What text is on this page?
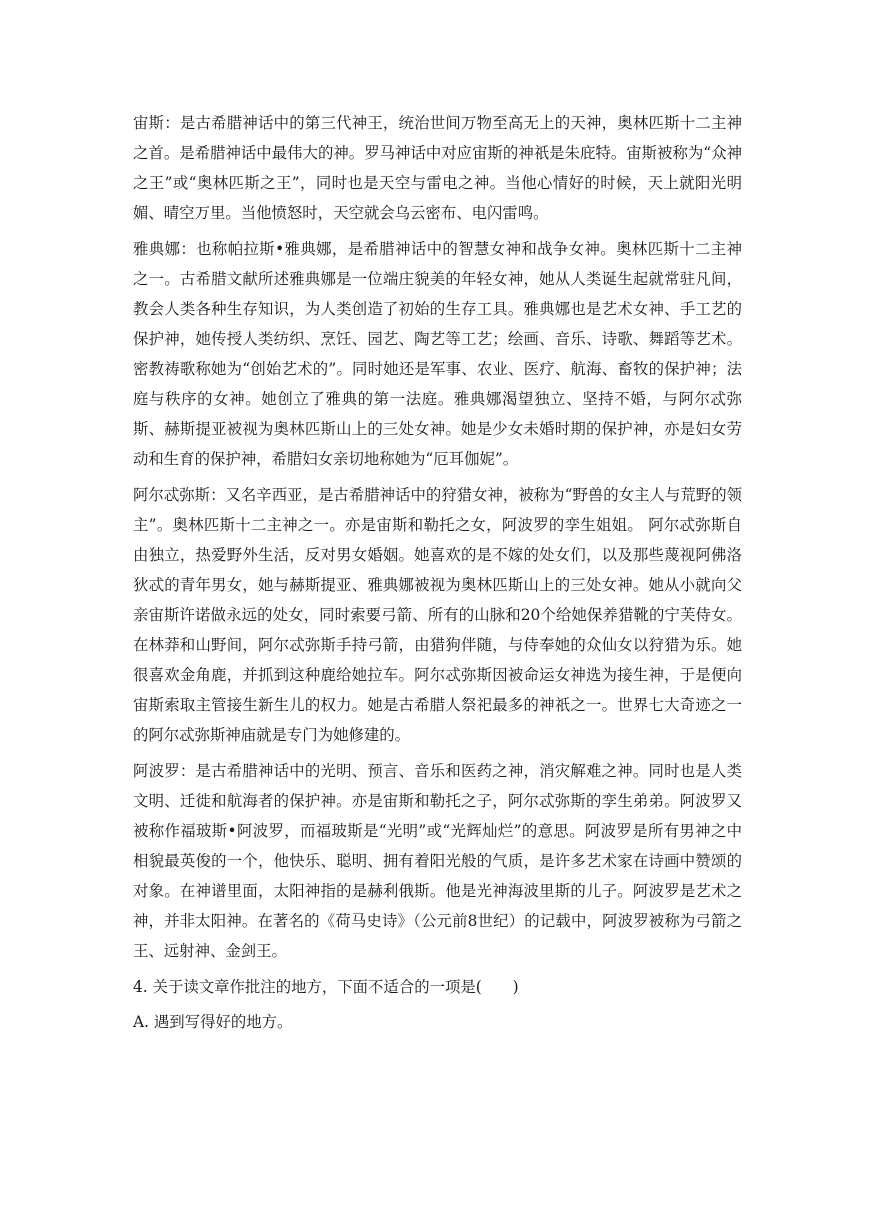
宙斯：是古希腊神话中的第三代神王，统治世间万物至高无上的天神，奥林匹斯十二主神之首。是希腊神话中最伟大的神。罗马神话中对应宙斯的神祇是朱庇特。宙斯被称为“众神之王”或“奥林匹斯之王”，同时也是天空与雷电之神。当他心情好的时候，天上就阳光明媚、晴空万里。当他愤怒时，天空就会乌云密布、电闪雷鸣。

雅典娜：也称帕拉斯•雅典娜，是希腊神话中的智慧女神和战争女神。奥林匹斯十二主神之一。古希腊文献所述雅典娜是一位端庄貌美的年轻女神，她从人类诞生起就常驻凡间，教会人类各种生存知识，为人类创造了初始的生存工具。雅典娜也是艺术女神、手工艺的保护神，她传授人类纺织、烹饪、园艺、陶艺等工艺；绘画、音乐、诗歌、舞蹈等艺术。密教祷歌称她为“创始艺术的”。同时她还是军事、农业、医疗、航海、畜牧的保护神；法庭与秩序的女神。她创立了雅典的第一法庭。雅典娜渴望独立、坚持不婚，与阿尔忒弥斯、赫斯提亚被视为奥林匹斯山上的三处女神。她是少女未婚时期的保护神，亦是妇女劳动和生育的保护神，希腊妇女亲切地称她为“厄耳伽妮”。

阿尔忒弥斯：又名辛西亚，是古希腊神话中的狩猎女神，被称为“野兽的女主人与荒野的领主”。奥林匹斯十二主神之一。亦是宙斯和勒托之女，阿波罗的孪生姐姐。 阿尔忒弥斯自由独立，热爱野外生活，反对男女婚姻。她喜欢的是不嫁的处女们，以及那些蔑视阿佛洛狄忒的青年男女，她与赫斯提亚、雅典娜被视为奥林匹斯山上的三处女神。她从小就向父亲宙斯许诺做永远的处女，同时索要弓箭、所有的山脉和20个给她保养猎靴的宁芙侍女。在林莽和山野间，阿尔忒弥斯手持弓箭，由猎狗伴随，与侍奉她的众仙女以狩猎为乐。她很喜欢金角鹿，并抓到这种鹿给她拉车。阿尔忒弥斯因被命运女神选为接生神，于是便向宙斯索取主管接生新生儿的权力。她是古希腊人祭祀最多的神祇之一。世界七大奇迹之一的阿尔忒弥斯神庙就是专门为她修建的。

阿波罗：是古希腊神话中的光明、预言、音乐和医药之神，消灾解难之神。同时也是人类文明、迁徙和航海者的保护神。亦是宙斯和勒托之子，阿尔忒弥斯的孪生弟弟。阿波罗又被称作福玻斯•阿波罗，而福玻斯是“光明”或“光辉灿烂”的意思。阿波罗是所有男神之中相貌最英俊的一个，他快乐、聪明、拥有着阳光般的气质，是许多艺术家在诗画中赞颂的对象。在神谱里面，太阳神指的是赫利俄斯。他是光神海波里斯的儿子。阿波罗是艺术之神，并非太阳神。在著名的《荷马史诗》（公元前8世纪）的记载中，阿波罗被称为弓箭之王、远射神、金剑王。

4. 关于读文章作批注的地方，下面不适合的一项是(　　)

A. 遇到写得好的地方。
